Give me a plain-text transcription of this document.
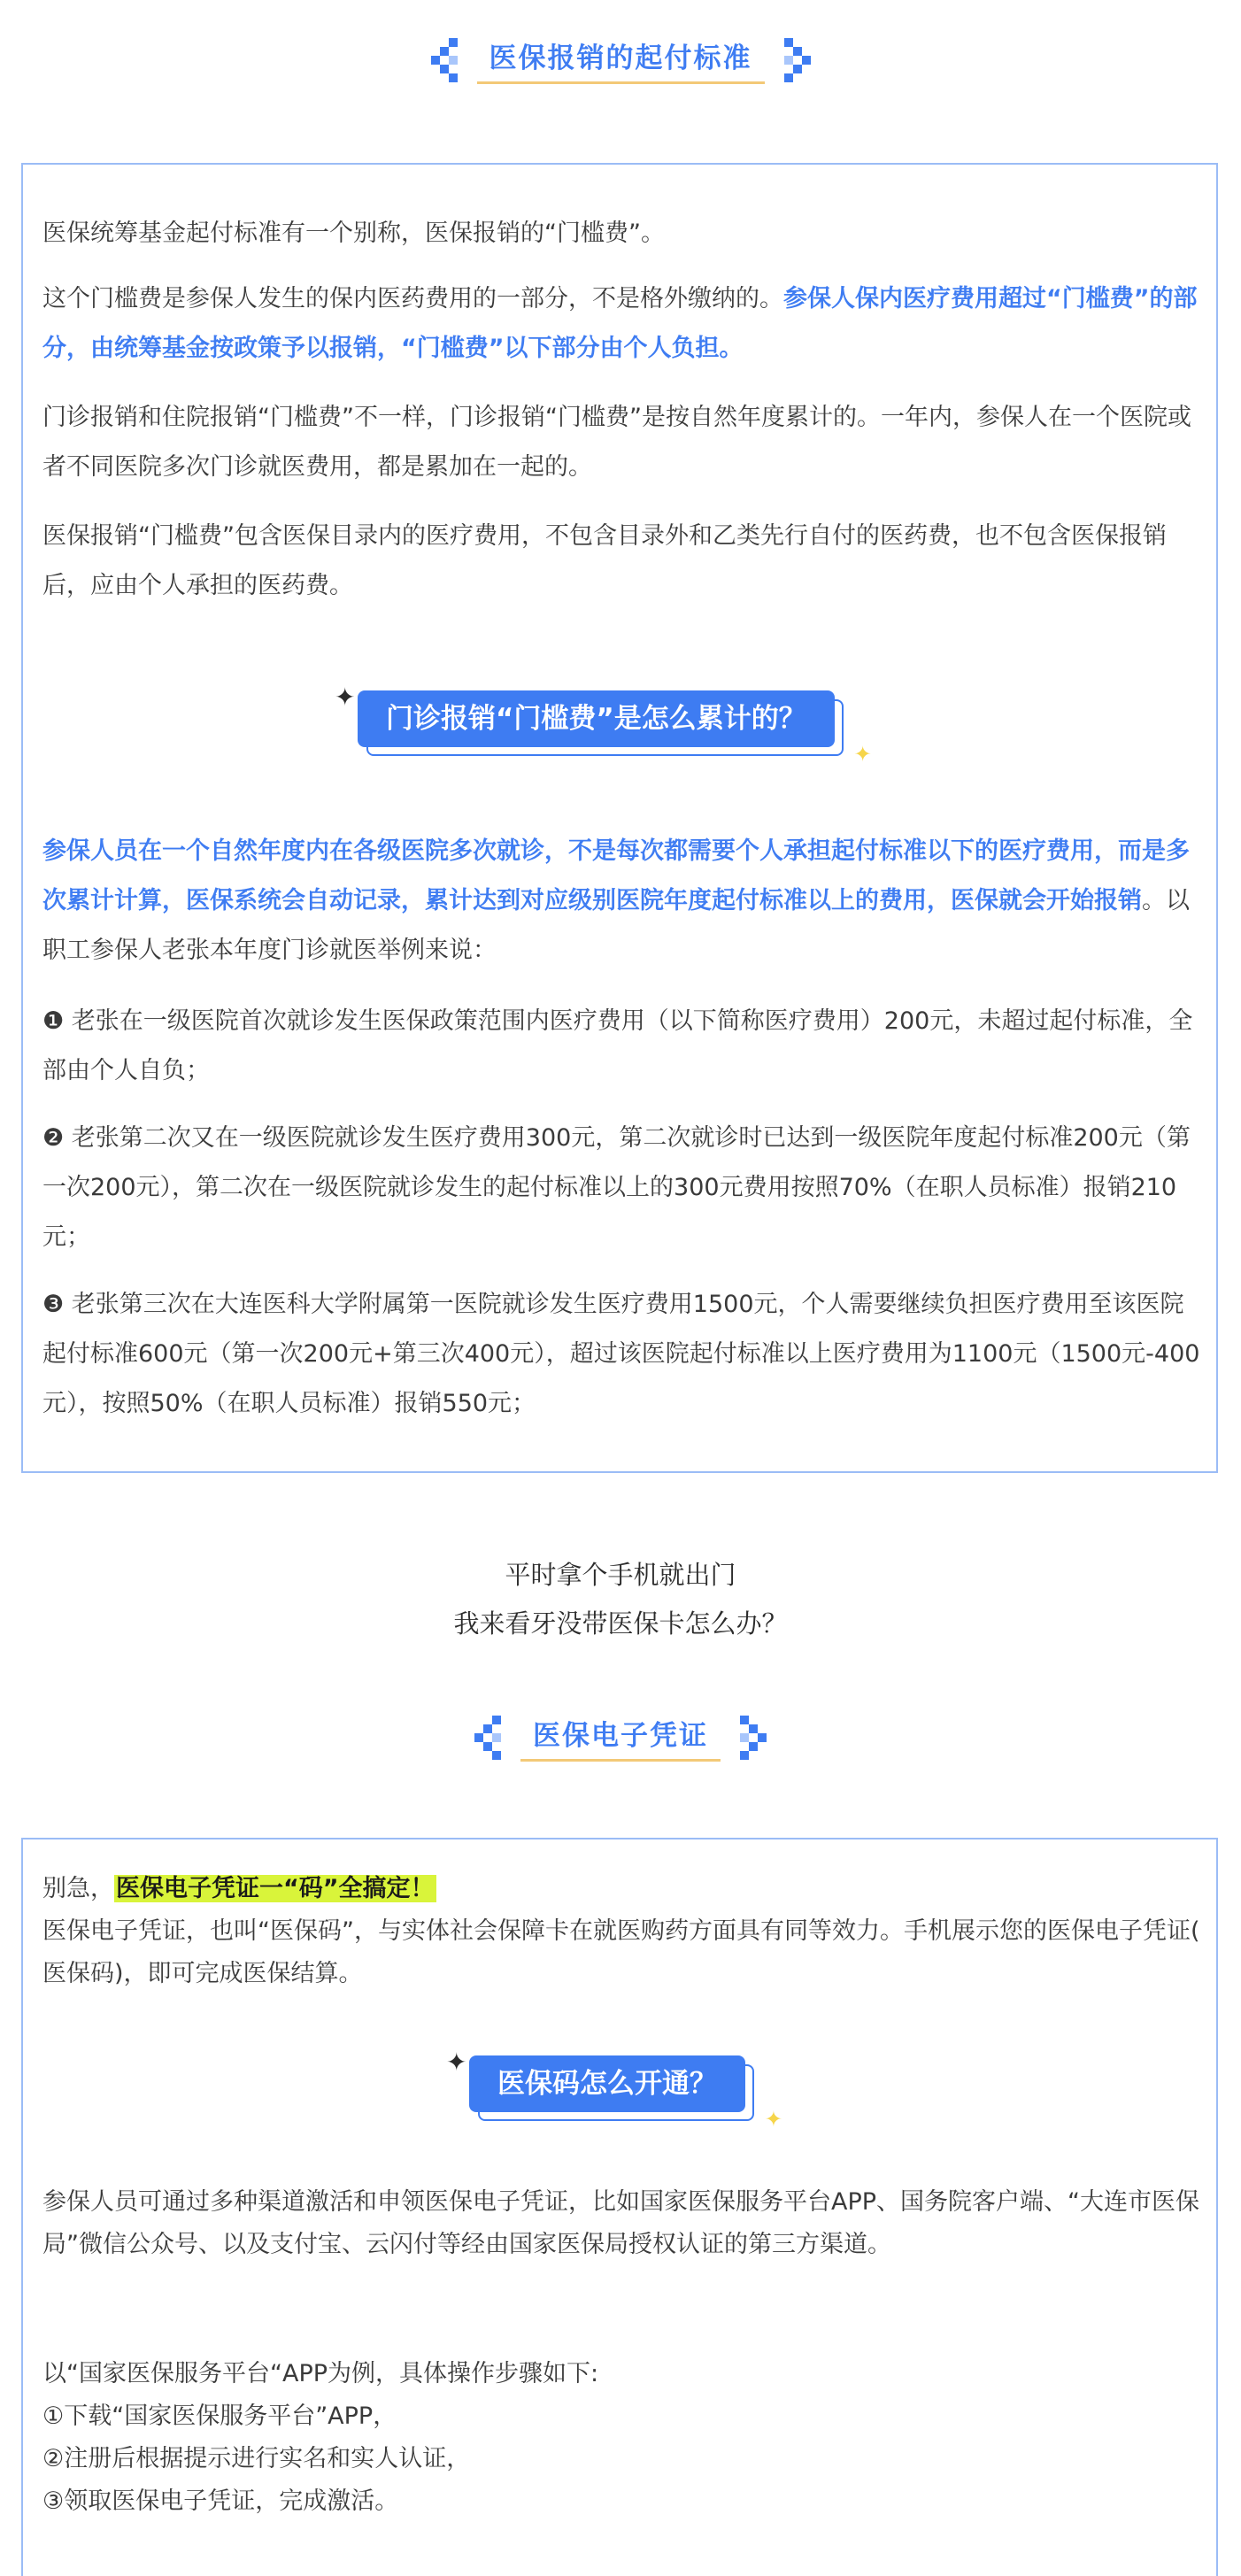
医保报销的起付标准
医保统筹基金起付标准有一个别称，医保报销的“门槛费”。
这个门槛费是参保人发生的保内医药费用的一部分，不是格外缴纳的。参保人保内医疗费用超过“门槛费”的部分，由统筹基金按政策予以报销，“门槛费”以下部分由个人负担。
门诊报销和住院报销“门槛费”不一样，门诊报销“门槛费”是按自然年度累计的。一年内，参保人在一个医院或者不同医院多次门诊就医费用，都是累加在一起的。
医保报销“门槛费”包含医保目录内的医疗费用，不包含目录外和乙类先行自付的医药费，也不包含医保报销后，应由个人承担的医药费。
门诊报销“门槛费”是怎么累计的？
✦
✦
参保人员在一个自然年度内在各级医院多次就诊，不是每次都需要个人承担起付标准以下的医疗费用，而是多次累计计算，医保系统会自动记录，累计达到对应级别医院年度起付标准以上的费用，医保就会开始报销。以职工参保人老张本年度门诊就医举例来说：
❶ 老张在一级医院首次就诊发生医保政策范围内医疗费用（以下简称医疗费用）200元，未超过起付标准，全部由个人自负；
❷ 老张第二次又在一级医院就诊发生医疗费用300元，第二次就诊时已达到一级医院年度起付标准200元（第一次200元），第二次在一级医院就诊发生的起付标准以上的300元费用按照70%（在职人员标准）报销210元；
❸ 老张第三次在大连医科大学附属第一医院就诊发生医疗费用1500元，个人需要继续负担医疗费用至该医院起付标准600元（第一次200元+第三次400元），超过该医院起付标准以上医疗费用为1100元（1500元-400元），按照50%（在职人员标准）报销550元；
平时拿个手机就出门
我来看牙没带医保卡怎么办？
医保电子凭证
别急，医保电子凭证一“码”全搞定！
医保电子凭证，也叫“医保码”，与实体社会保障卡在就医购药方面具有同等效力。手机展示您的医保电子凭证( 医保码)，即可完成医保结算。
医保码怎么开通？
✦
✦
参保人员可通过多种渠道激活和申领医保电子凭证，比如国家医保服务平台APP、国务院客户端、“大连市医保局”微信公众号、以及支付宝、云闪付等经由国家医保局授权认证的第三方渠道。
以“国家医保服务平台“APP为例，具体操作步骤如下:
①下载“国家医保服务平台”APP，
②注册后根据提示进行实名和实人认证，
③领取医保电子凭证，完成激活。
